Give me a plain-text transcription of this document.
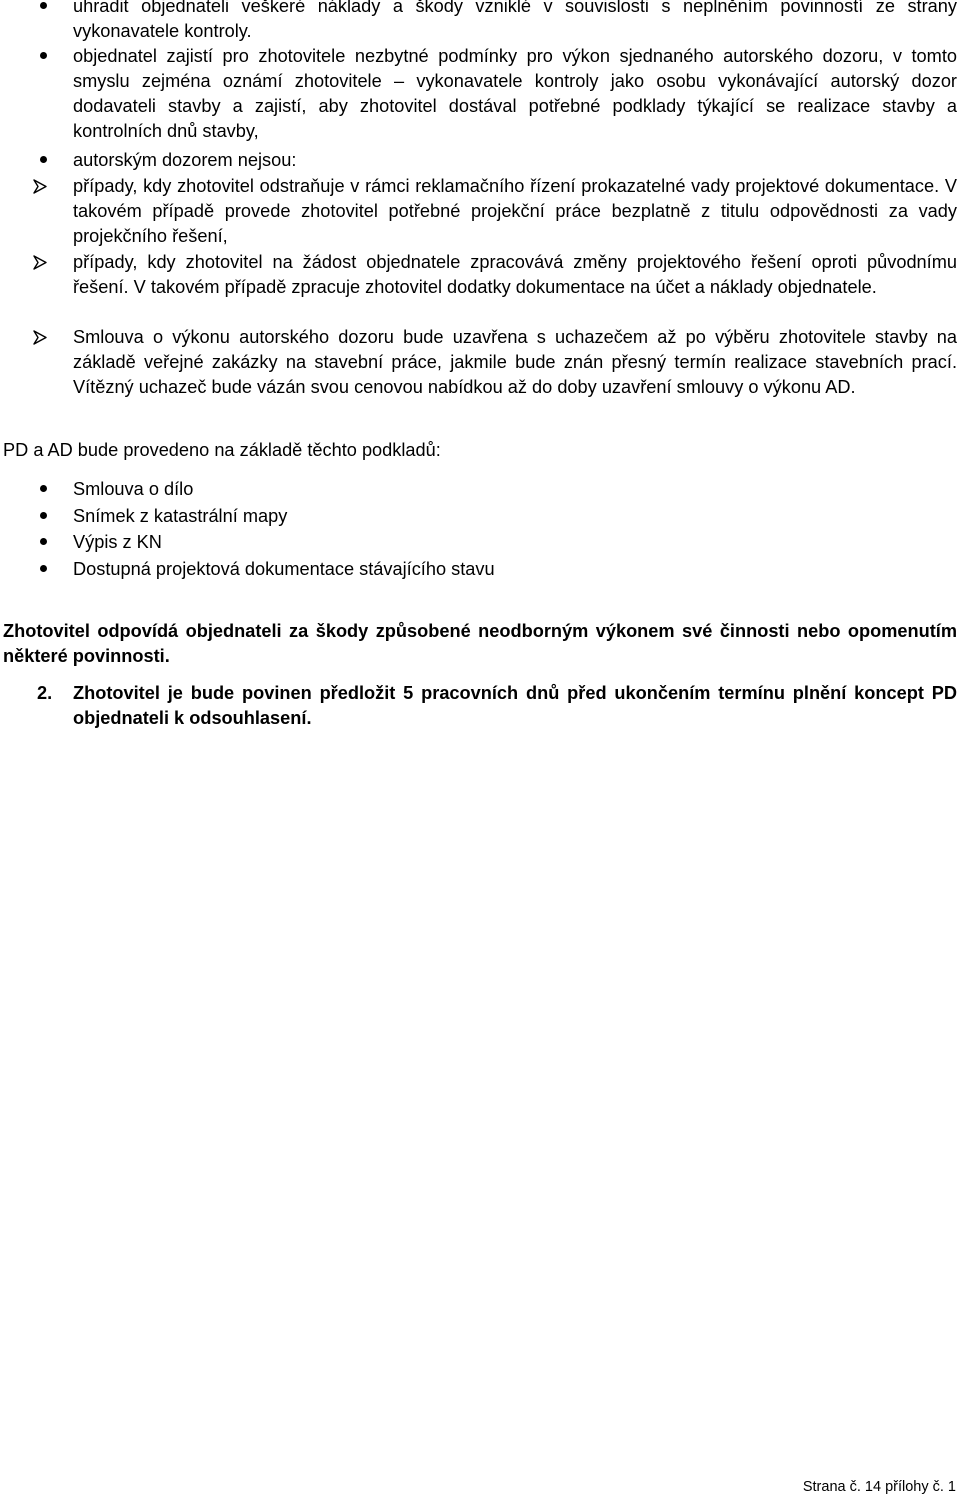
uhradit objednateli veškeré náklady a škody vzniklé v souvislosti s neplněním povinností ze strany vykonavatele kontroly.
objednatel zajistí pro zhotovitele nezbytné podmínky pro výkon sjednaného autorského dozoru, v tomto smyslu zejména oznámí zhotovitele – vykonavatele kontroly jako osobu vykonávající autorský dozor dodavateli stavby a zajistí, aby zhotovitel dostával potřebné podklady týkající se realizace stavby a kontrolních dnů stavby,
autorským dozorem nejsou:
případy, kdy zhotovitel odstraňuje v rámci reklamačního řízení prokazatelné vady projektové dokumentace. V takovém případě provede zhotovitel potřebné projekční práce bezplatně z titulu odpovědnosti za vady projekčního řešení,
případy, kdy zhotovitel na žádost objednatele zpracovává změny projektového řešení oproti původnímu řešení. V takovém případě zpracuje zhotovitel dodatky dokumentace na účet a náklady objednatele.
Smlouva o výkonu autorského dozoru bude uzavřena s uchazečem až po výběru zhotovitele stavby na základě veřejné zakázky na stavební práce, jakmile bude znán přesný termín realizace stavebních prací. Vítězný uchazeč bude vázán svou cenovou nabídkou až do doby uzavření smlouvy o výkonu AD.
PD a AD bude provedeno na základě těchto podkladů:
Smlouva o dílo
Snímek z katastrální mapy
Výpis z KN
Dostupná projektová dokumentace stávajícího stavu
Zhotovitel odpovídá objednateli za škody způsobené neodborným výkonem své činnosti nebo opomenutím některé povinnosti.
2. Zhotovitel je bude povinen předložit 5 pracovních dnů před ukončením termínu plnění koncept PD objednateli k odsouhlasení.
Strana č. 14 přílohy č. 1
